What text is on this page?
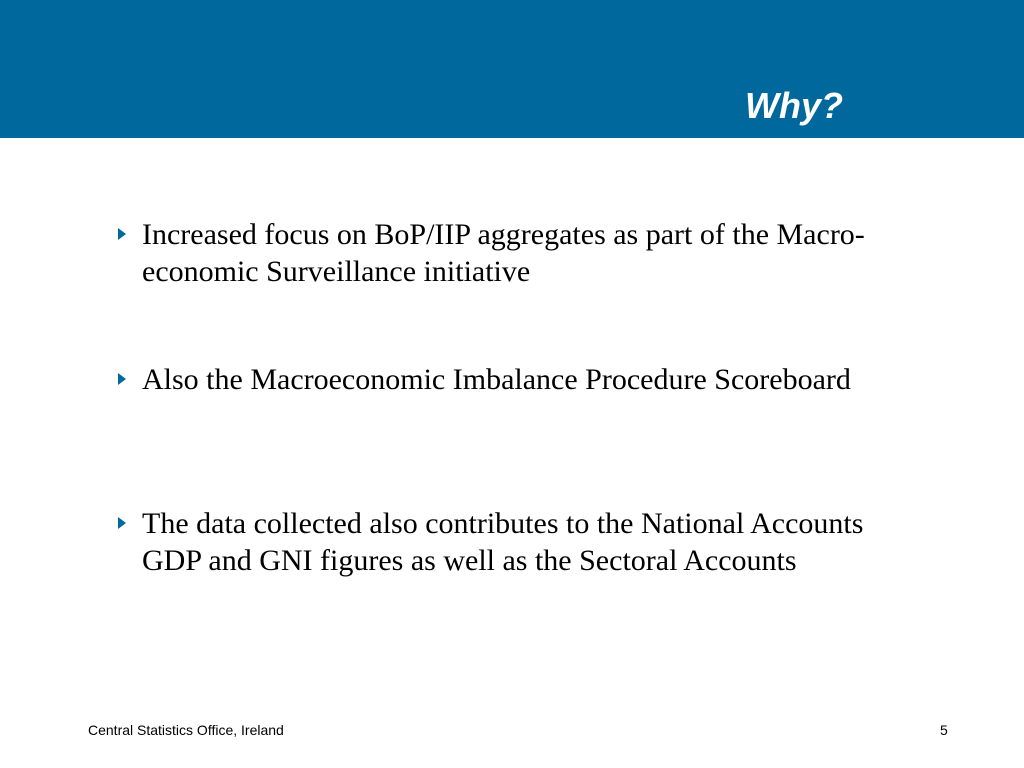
Why?
Increased focus on BoP/IIP aggregates as part of the Macro-economic Surveillance initiative
Also the Macroeconomic Imbalance Procedure Scoreboard
The data collected also contributes to the National Accounts GDP and GNI figures as well as the Sectoral Accounts
Central Statistics Office, Ireland	5
